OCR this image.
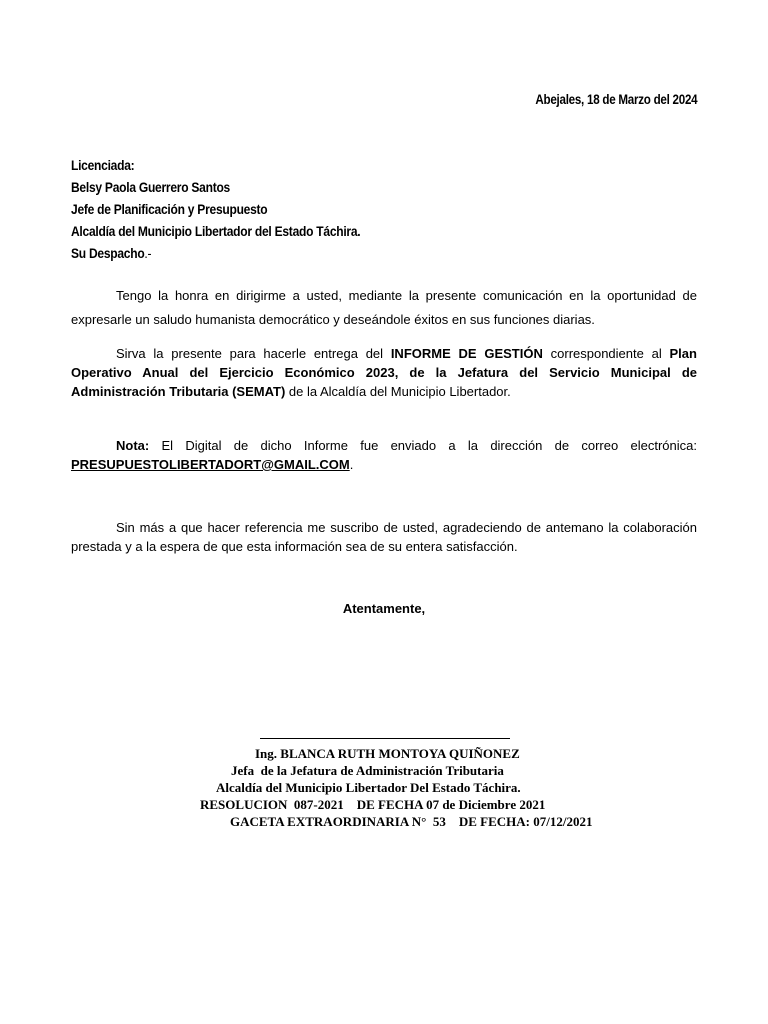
Abejales, 18 de Marzo del 2024
Licenciada:
Belsy Paola Guerrero Santos
Jefe de Planificación y Presupuesto
Alcaldía del Municipio Libertador del Estado Táchira.
Su Despacho.-

Tengo la honra en dirigirme a usted, mediante la presente comunicación en la oportunidad de expresarle un saludo humanista democrático y deseándole éxitos en sus funciones diarias.

Sirva la presente para hacerle entrega del INFORME DE GESTIÓN correspondiente al Plan Operativo Anual del Ejercicio Económico 2023, de la Jefatura del Servicio Municipal de Administración Tributaria (SEMAT) de la Alcaldía del Municipio Libertador.

Nota: El Digital de dicho Informe fue enviado a la dirección de correo electrónica: PRESUPUESTOLIBERTADORT@GMAIL.COM.

Sin más a que hacer referencia me suscribo de usted, agradeciendo de antemano la colaboración prestada y a la espera de que esta información sea de su entera satisfacción.

Atentamente,
Ing. BLANCA RUTH MONTOYA QUIÑONEZ
Jefa  de la Jefatura de Administración Tributaria
Alcaldía del Municipio Libertador Del Estado Táchira.
RESOLUCION  087-2021    DE FECHA 07 de Diciembre 2021
GACETA EXTRAORDINARIA N°  53    DE FECHA: 07/12/2021
